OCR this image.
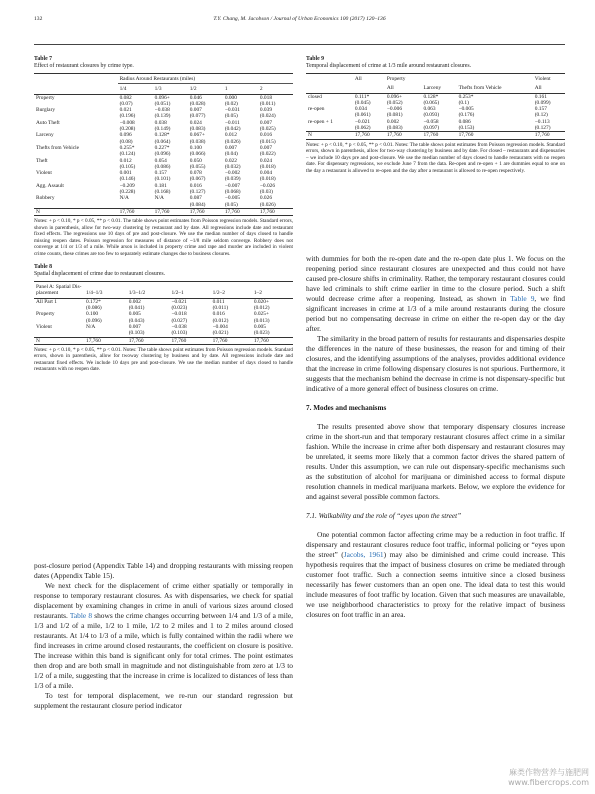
132	T.Y. Chang, M. Jacobson / Journal of Urban Economics 100 (2017) 120–136
Table 7
Effect of restaurant closures by crime type.
	Radius Around Restaurants (miles)				
	1/4	1/3	1/2	1	2
Property	0.082	0.096+	0.046	0.000	0.018
	(0.07)	(0.051)	(0.028)	(0.02)	(0.011)
Burglary	0.021	−0.038	0.007	−0.031	0.039
	(0.196)	(0.139)	(0.077)	(0.05)	(0.024)
Auto Theft	−0.008	0.038	0.024	−0.011	0.007
	(0.208)	(0.149)	(0.083)	(0.042)	(0.025)
Larceny	0.096	0.128*	0.067+	0.012	0.016
	(0.08)	(0.064)	(0.038)	(0.026)	(0.015)
Thefts from Vehicle	0.255*	0.227*	0.100	0.007	0.007
	(0.124)	(0.096)	(0.066)	(0.04)	(0.022)
Theft	0.012	0.054	0.050	0.022	0.024
	(0.105)	(0.086)	(0.055)	(0.032)	(0.018)
Violent	0.001	0.157	0.078	−0.002	0.004
	(0.146)	(0.101)	(0.067)	(0.039)	(0.018)
Agg. Assault	−0.209	0.181	0.016	−0.007	−0.026
	(0.228)	(0.168)	(0.127)	(0.068)	(0.03)
Robbery	N/A	N/A	0.087	−0.005	0.026
			(0.084)	(0.05)	(0.026)
N	17,760	17,760	17,760	17,760	17,760
Notes: + p < 0.10, * p < 0.05, ** p < 0.01. The table shows point estimates from Poisson regression models. Standard errors, shown in parenthesis, allow for two-way clustering by restaurant and by date. All regressions include date and restaurant fixed effects. The regressions use 10 days of pre and post-closure. We use the median number of days closed to handle missing reopen dates. Poisson regression for measures of distance of ~1/8 mile seldom converge. Robbery does not converge at 1/4 or 1/3 of a mile. While arson is included in property crime and rape and murder are included in violent crime counts, these crimes are too few to separately estimate changes due to business closures.
Table 8
Spatial displacement of crime due to restaurant closures.
Panel A: Spatial Dis-placement	1/4–1/3	1/3–1/2	1/2–1	1/2–2	1–2
All Part 1	0.172*	0.002	−0.021	0.011	0.020+
	(0.086)	(0.041)	(0.023)	(0.011)	(0.012)
Property	0.100	0.005	−0.018	0.016	0.025+
	(0.096)	(0.043)	(0.027)	(0.012)	(0.013)
Violent	N/A	0.007	−0.038	−0.004	0.005
		(0.103)	(0.103)	(0.021)	(0.023)
N	17,760	17,760	17,760	17,760	17,760
Notes: + p < 0.10, * p < 0.05, ** p < 0.01. Notes: The table shows point estimates from Poisson regression models. Standard errors, shown in parenthesis, allow for twoway clustering by business and by date. All regressions include date and restaurant fixed effects. We include 10 days pre and post-closure. We use the median number of days closed to handle restaurants with no reopen date.

post-closure period (Appendix Table 14) and dropping restaurants with missing reopen dates (Appendix Table 15).

We next check for the displacement of crime either spatially or temporally in response to temporary restaurant closures. As with dispensaries, we check for spatial displacement by examining changes in crime in anuli of various sizes around closed restaurants. Table 8 shows the crime changes occurring between 1/4 and 1/3 of a mile, 1/3 and 1/2 of a mile, 1/2 to 1 mile, 1/2 to 2 miles and 1 to 2 miles around closed restaurants. At 1/4 to 1/3 of a mile, which is fully contained within the radii where we find increases in crime around closed restaurants, the coefficient on closure is positive. The increase within this band is significant only for total crimes. The point estimates then drop and are both small in magnitude and not distinguishable from zero at 1/3 to 1/2 of a mile, suggesting that the increase in crime is localized to distances of less than 1/3 of a mile.

To test for temporal displacement, we re-run our standard regression but supplement the restaurant closure period indicator

Table 9
Temporal displacement of crime at 1/3 mile around restaurant closures.
	All	Property			Violent
		All	Larceny	Thefts from Vehicle	All
closed	0.111*	0.096+	0.128*	0.253*	0.161
	(0.045)	(0.052)	(0.065)	(0.1)	(0.099)
re-open	0.034	−0.006	0.063	−0.005	0.157
	(0.061)	(0.081)	(0.093)	(0.176)	(0.12)
re-open + 1	−0.021	0.002	−0.058	0.086	−0.113
	(0.062)	(0.083)	(0.097)	(0.153)	(0.127)
N	17,760	17,760	17,760	17,760	17,760
Notes: + p < 0.10, * p < 0.05, ** p < 0.01. Notes: The table shows point estimates from Poisson regression models. Standard errors, shown in parenthesis, allow for two-way clustering by business and by date. For closed – restaurants and dispensaries – we include 10 days pre and post-closure. We use the median number of days closed to handle restaurants with no reopen date. For dispensary regressions, we exclude June 7 from the data. Re-open and re-open + 1 are dummies equal to one on the day a restaurant is allowed to re-open and the day after a restaurant is allowed to re-open respectively.

with dummies for both the re-open date and the re-open date plus 1. We focus on the reopening period since restaurant closures are unexpected and thus could not have caused pre-closure shifts in criminality. Rather, the temporary restaurant closures could have led criminals to shift crime earlier in time to the closure period. Such a shift would decrease crime after a reopening. Instead, as shown in Table 9, we find significant increases in crime at 1/3 of a mile around restaurants during the closure period but no compensating decrease in crime on either the re-open day or the day after.

The similarity in the broad pattern of results for restaurants and dispensaries despite the differences in the nature of these businesses, the reason for and timing of their closures, and the identifying assumptions of the analyses, provides additional evidence that the increase in crime following dispensary closures is not spurious. Furthermore, it suggests that the mechanism behind the decrease in crime is not dispensary-specific but indicative of a more general effect of business closures on crime.

7. Modes and mechanisms

The results presented above show that temporary dispensary closures increase crime in the short-run and that temporary restaurant closures affect crime in a similar fashion. While the increase in crime after both dispensary and restaurant closures may be unrelated, it seems more likely that a common factor drives the shared pattern of results. Under this assumption, we can rule out dispensary-specific mechanisms such as the substitution of alcohol for marijuana or diminished access to formal dispute resolution channels in medical marijuana markets. Below, we explore the evidence for and against several possible common factors.

7.1. Walkability and the role of “eyes upon the street”

One potential common factor affecting crime may be a reduction in foot traffic. If dispensary and restaurant closures reduce foot traffic, informal policing or “eyes upon the street” (Jacobs, 1961) may also be diminished and crime could increase. This hypothesis requires that the impact of business closures on crime be mediated through customer foot traffic. Such a connection seems intuitive since a closed business necessarily has fewer customers than an open one. The ideal data to test this would include measures of foot traffic by location. Given that such measures are unavailable, we use neighborhood characteristics to proxy for the relative impact of business closures on foot traffic in an area.

麻类作物营养与施肥网
www.fibercrops.com
